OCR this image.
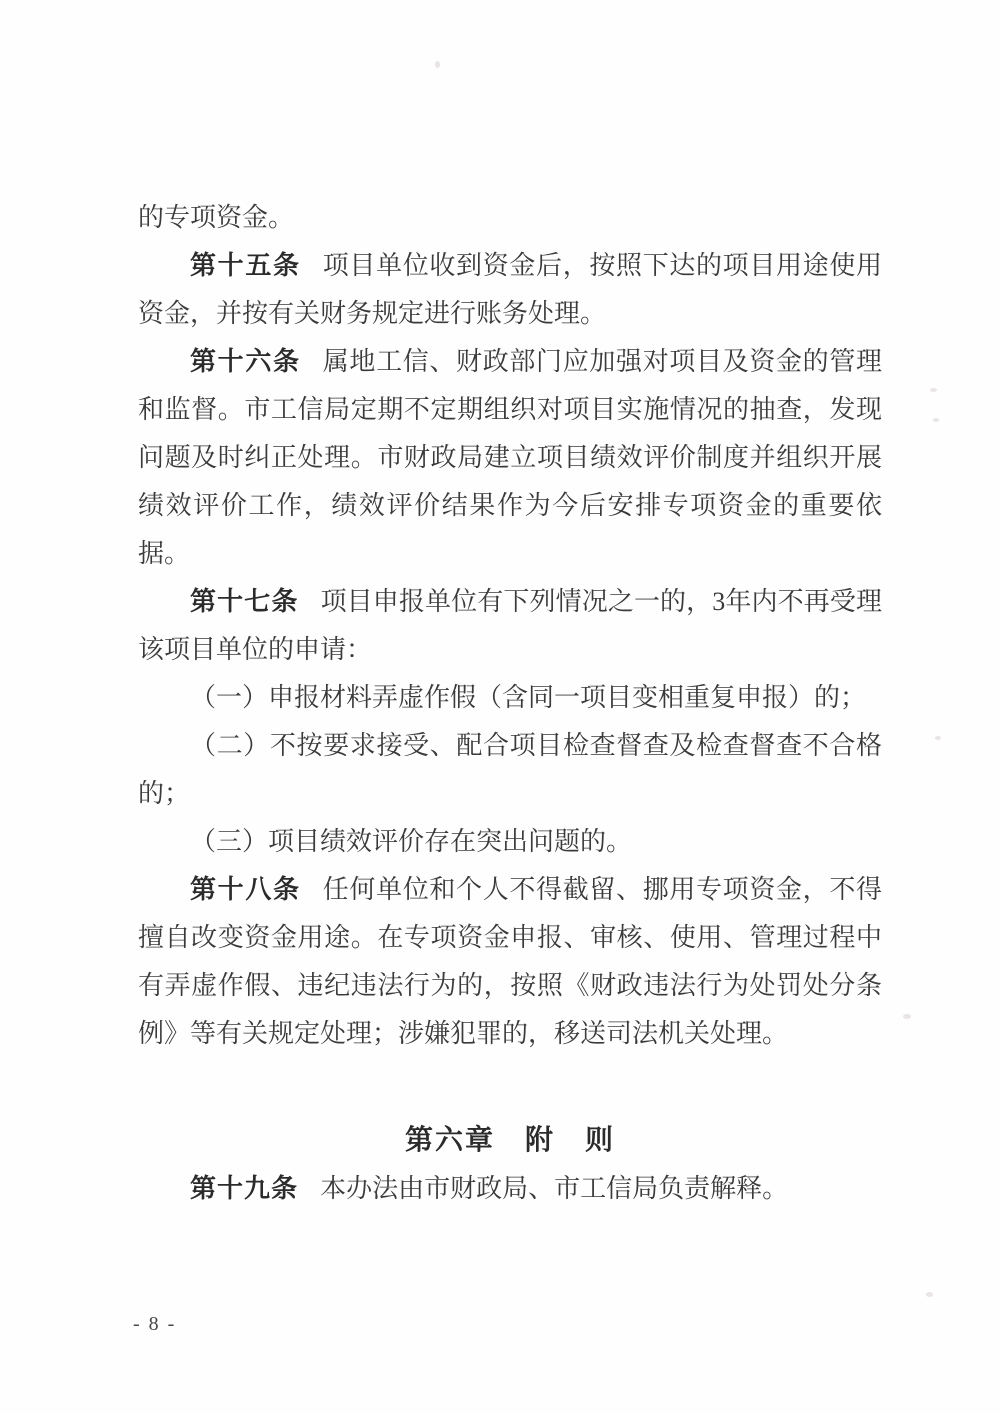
的专项资金。

第十五条 项目单位收到资金后，按照下达的项目用途使用资金，并按有关财务规定进行账务处理。

第十六条 属地工信、财政部门应加强对项目及资金的管理和监督。市工信局定期不定期组织对项目实施情况的抽查，发现问题及时纠正处理。市财政局建立项目绩效评价制度并组织开展绩效评价工作，绩效评价结果作为今后安排专项资金的重要依据。

第十七条 项目申报单位有下列情况之一的，3年内不再受理该项目单位的申请：

（一）申报材料弄虚作假（含同一项目变相重复申报）的；

（二）不按要求接受、配合项目检查督查及检查督查不合格的；

（三）项目绩效评价存在突出问题的。

第十八条 任何单位和个人不得截留、挪用专项资金，不得擅自改变资金用途。在专项资金申报、审核、使用、管理过程中有弄虚作假、违纪违法行为的，按照《财政违法行为处罚处分条例》等有关规定处理；涉嫌犯罪的，移送司法机关处理。

第六章　附　则

第十九条 本办法由市财政局、市工信局负责解释。

- 8 -
